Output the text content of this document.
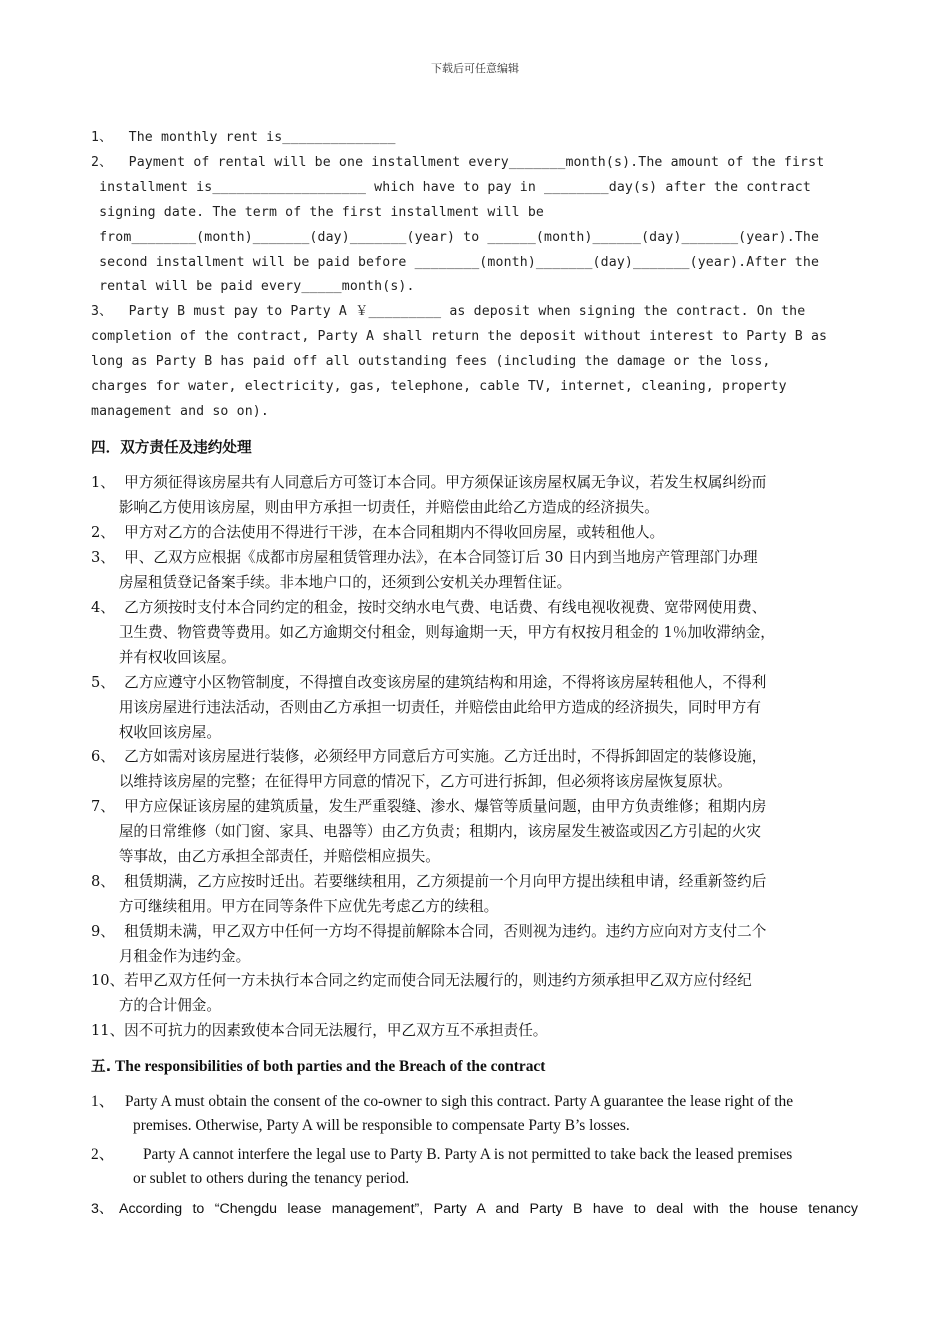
下载后可任意编辑
1、  The monthly rent is______________
2、  Payment of rental will be one installment every_______month(s).The amount of the first
installment is___________________ which have to pay in ________day(s) after the contract
signing date. The term of the first installment will be
from________(month)_______(day)_______(year) to ______(month)______(day)_______(year).The
second installment will be paid before ________(month)_______(day)_______(year).After the
rental will be paid every_____month(s).
3、  Party B must pay to Party A ￥_________ as deposit when signing the contract. On the
completion of the contract, Party A shall return the deposit without interest to Party B as
long as Party B has paid off all outstanding fees (including the damage or the loss,
charges for water, electricity, gas, telephone, cable TV, internet, cleaning, property
management and so on).
四．双方责任及违约处理
1、  甲方须征得该房屋共有人同意后方可签订本合同。甲方须保证该房屋权属无争议，若发生权属纠纷而
影响乙方使用该房屋，则由甲方承担一切责任，并赔偿由此给乙方造成的经济损失。
2、  甲方对乙方的合法使用不得进行干涉，在本合同租期内不得收回房屋，或转租他人。
3、  甲、乙双方应根据《成都市房屋租赁管理办法》，在本合同签订后 30 日内到当地房产管理部门办理
房屋租赁登记备案手续。非本地户口的，还须到公安机关办理暂住证。
4、  乙方须按时支付本合同约定的租金，按时交纳水电气费、电话费、有线电视收视费、宽带网使用费、
卫生费、物管费等费用。如乙方逾期交付租金，则每逾期一天，甲方有权按月租金的 1％加收滞纳金，
并有权收回该屋。
5、  乙方应遵守小区物管制度，不得擅自改变该房屋的建筑结构和用途，不得将该房屋转租他人，不得利
用该房屋进行违法活动，否则由乙方承担一切责任，并赔偿由此给甲方造成的经济损失，同时甲方有
权收回该房屋。
6、  乙方如需对该房屋进行装修，必须经甲方同意后方可实施。乙方迁出时，不得拆卸固定的装修设施，
以维持该房屋的完整；在征得甲方同意的情况下，乙方可进行拆卸，但必须将该房屋恢复原状。
7、  甲方应保证该房屋的建筑质量，发生严重裂缝、渗水、爆管等质量问题，由甲方负责维修；租期内房
屋的日常维修（如门窗、家具、电器等）由乙方负责；租期内，该房屋发生被盗或因乙方引起的火灾
等事故，由乙方承担全部责任，并赔偿相应损失。
8、  租赁期满，乙方应按时迁出。若要继续租用，乙方须提前一个月向甲方提出续租申请，经重新签约后
方可继续租用。甲方在同等条件下应优先考虑乙方的续租。
9、  租赁期未满，甲乙双方中任何一方均不得提前解除本合同，否则视为违约。违约方应向对方支付二个
月租金作为违约金。
10、若甲乙双方任何一方未执行本合同之约定而使合同无法履行的，则违约方须承担甲乙双方应付经纪
方的合计佣金。
11、因不可抗力的因素致使本合同无法履行，甲乙双方互不承担责任。
五. The responsibilities of both parties and the Breach of the contract
1、 Party A must obtain the consent of the co-owner to sigh this contract. Party A guarantee the lease right of the
premises. Otherwise, Party A will be responsible to compensate Party B’s losses.
2、 Party A cannot interfere the legal use to Party B. Party A is not permitted to take back the leased premises
or sublet to others during the tenancy period.
3、 According to “Chengdu lease management”, Party A and Party B have to deal with the house tenancy
